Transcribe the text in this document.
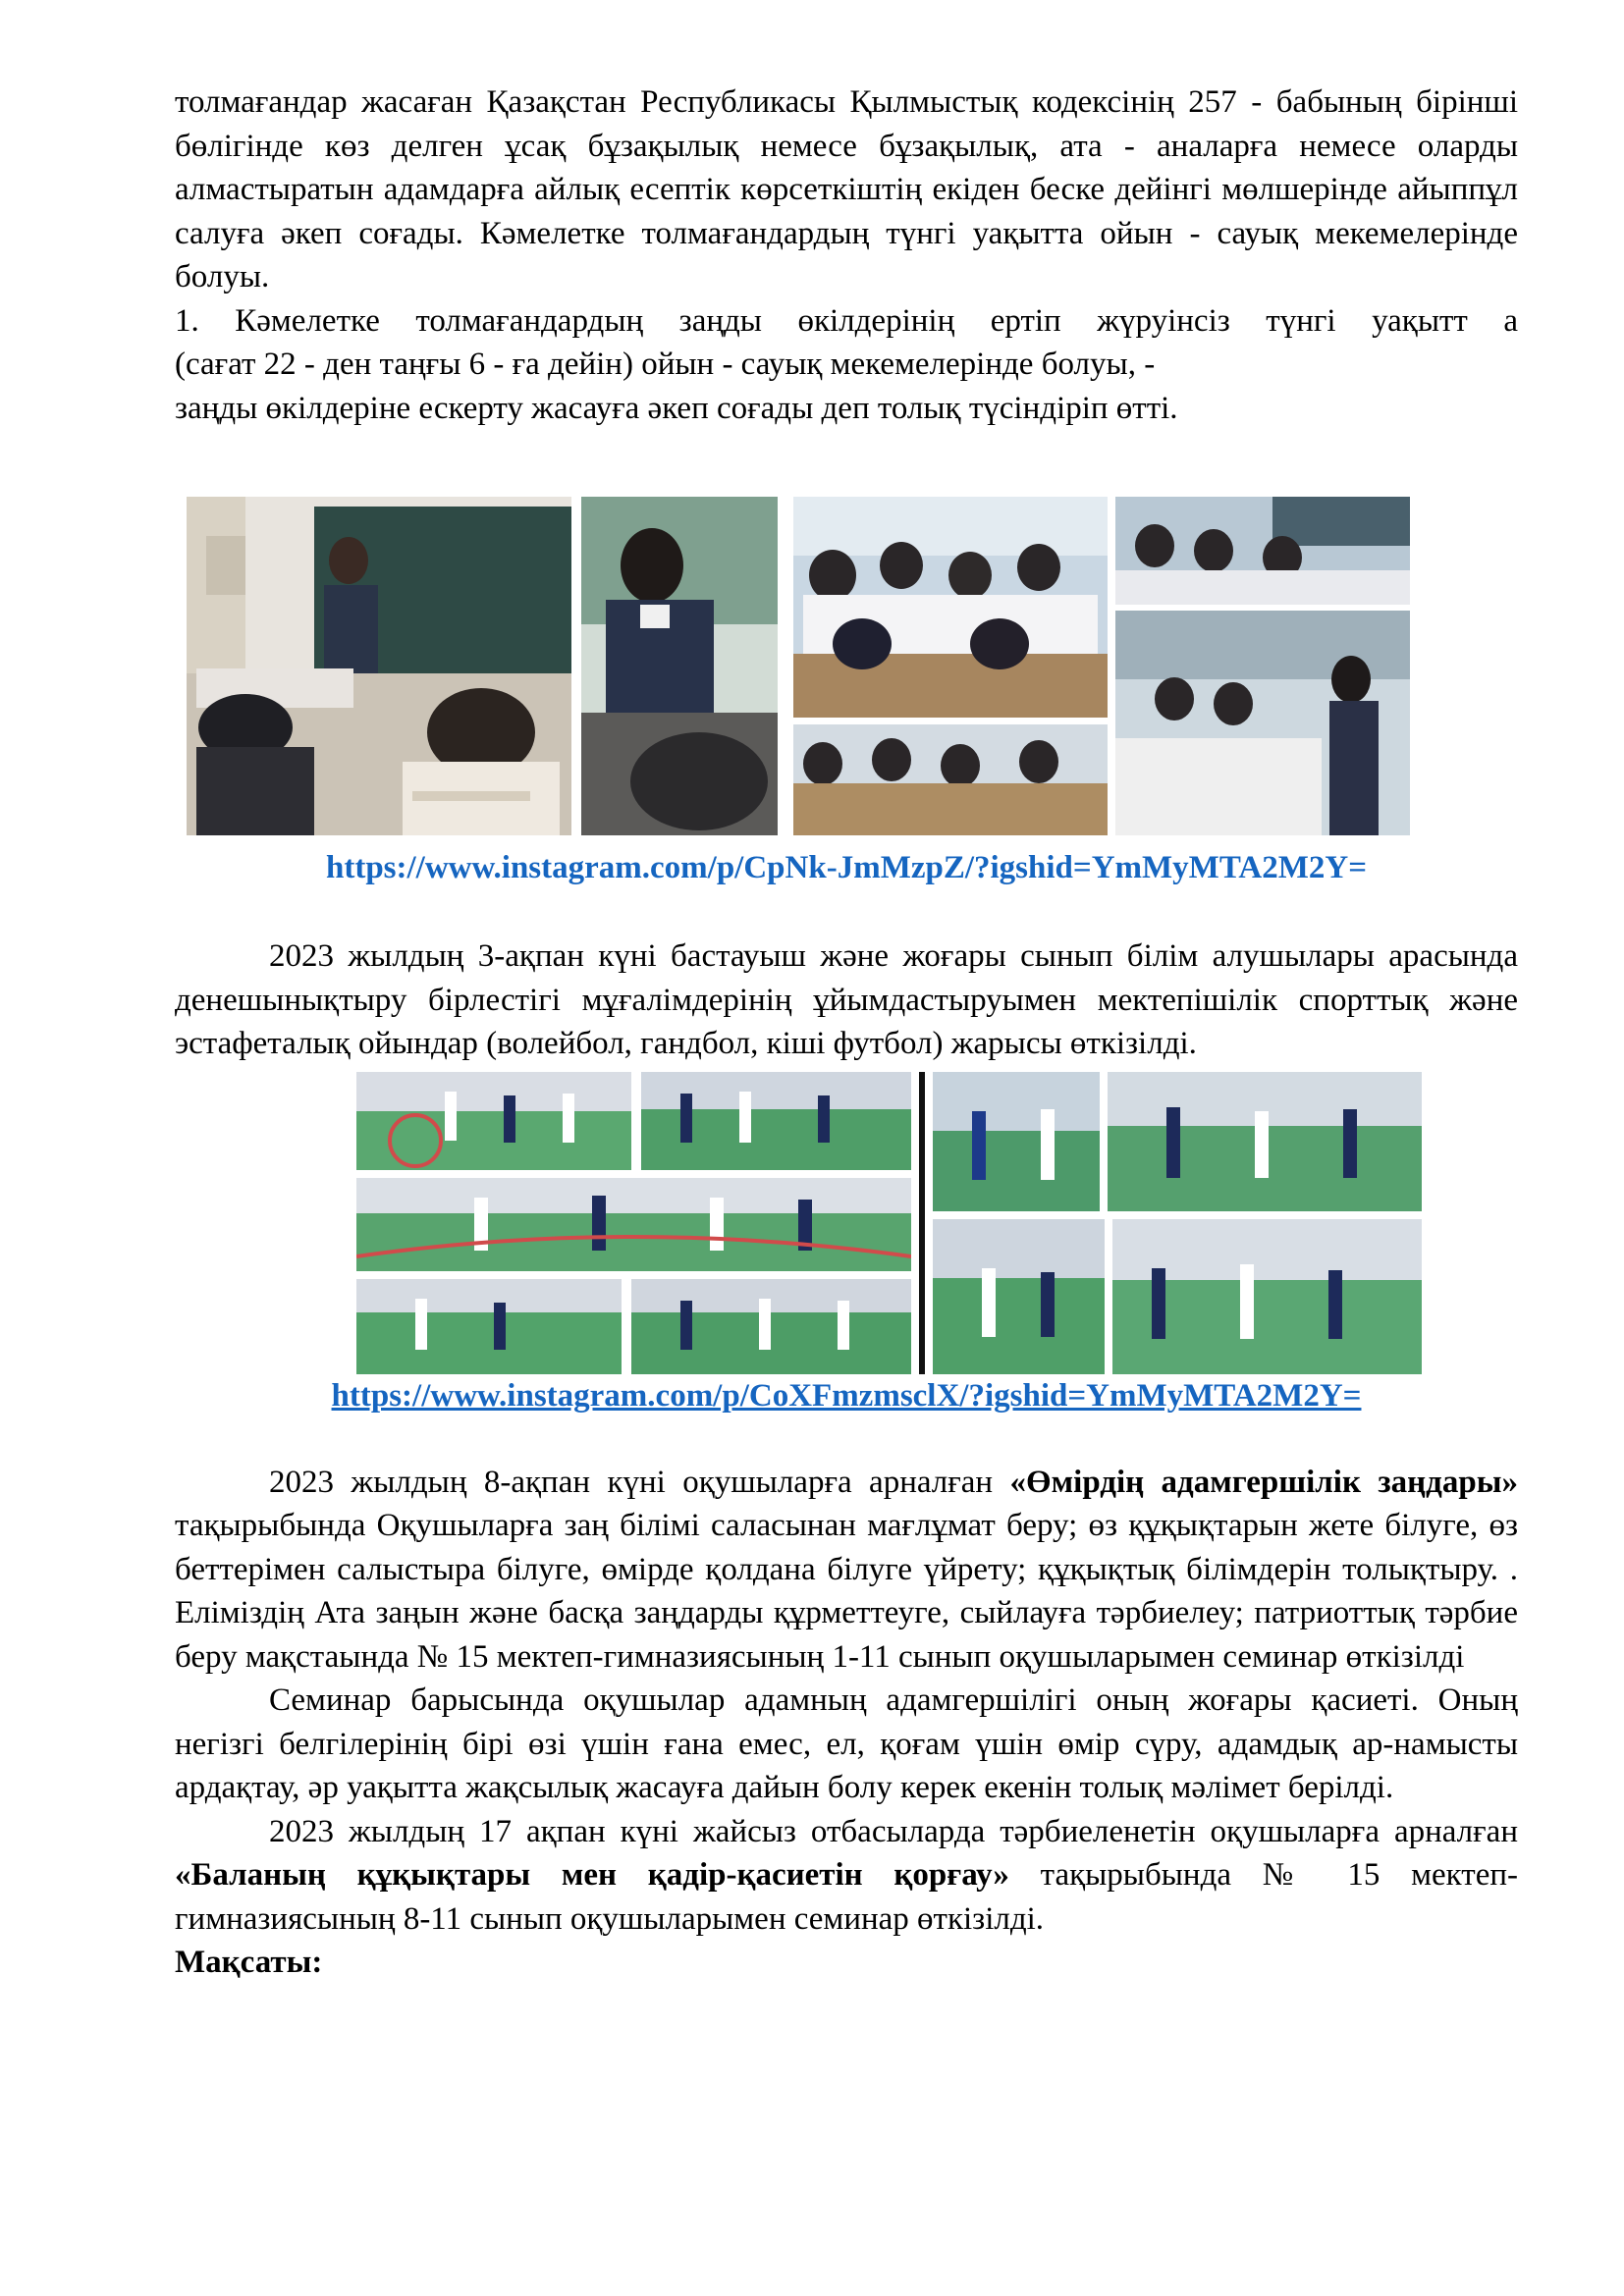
толмағандар жасаған Қазақстан Республикасы Қылмыстық кодексінің 257 - бабының бірінші бөлігінде көз делген ұсақ бұзақылық немесе бұзақылық, ата - аналарға немесе оларды алмастыратын адамдарға айлық есептік көрсеткіштің екіден беске дейінгі мөлшерінде айыппұл салуға әкеп соғады. Кәмелетке толмағандардың түнгі уақытта ойын - сауық мекемелерінде болуы.

1. Кәмелетке толмағандардың заңды өкілдерінің ертіп жүруінсіз түнгі уақытт а

(сағат 22 - ден таңғы 6 - ға дейін) ойын - сауық мекемелерінде болуы, -

заңды өкілдеріне ескерту жасауға әкеп соғады деп толық түсіндіріп өтті.

https://www.instagram.com/p/CpNk-JmMzpZ/?igshid=YmMyMTA2M2Y=

2023 жылдың 3-ақпан күні бастауыш және жоғары сынып білім алушылары арасында денешынықтыру бірлестігі мұғалімдерінің ұйымдастыруымен мектепішілік спорттық және эстафеталық ойындар (волейбол, гандбол, кіші футбол) жарысы өткізілді.

https://www.instagram.com/p/CoXFmzmsclX/?igshid=YmMyMTA2M2Y=

2023 жылдың 8-ақпан күні оқушыларға арналған «Өмірдің адамгершілік заңдары» тақырыбында Оқушыларға заң білімі саласынан мағлұмат беру; өз құқықтарын жете білуге, өз беттерімен салыстыра білуге, өмірде қолдана білуге үйрету; құқықтық білімдерін толықтыру. . Еліміздің Ата заңын және басқа заңдарды құрметтеуге, сыйлауға тәрбиелеу; патриоттық тәрбие беру мақстаында № 15 мектеп-гимназиясының 1-11 сынып оқушыларымен семинар өткізілді

Семинар барысында оқушылар адамның адамгершілігі оның жоғары қасиеті. Оның негізгі белгілерінің бірі өзі үшін ғана емес, ел, қоғам үшін өмір сүру, адамдық ар-намысты ардақтау, әр уақытта жақсылық жасауға дайын болу керек екенін толық мәлімет берілді.

2023 жылдың 17 ақпан күні жайсыз отбасыларда тәрбиеленетін оқушыларға арналған «Баланың құқықтары мен қадір-қасиетін қорғау» тақырыбында № 15 мектеп-гимназиясының 8-11 сынып оқушыларымен семинар өткізілді.

Мақсаты:
